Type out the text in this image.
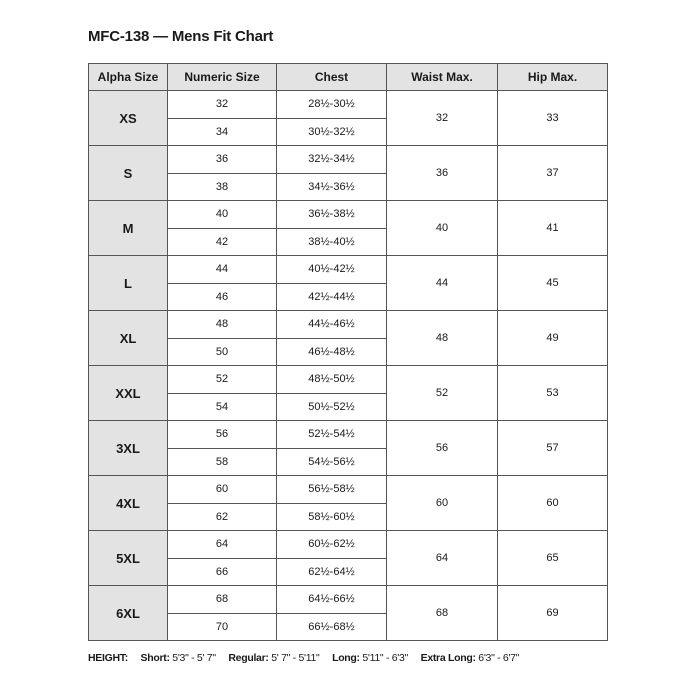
MFC-138 — Mens Fit Chart
Alpha Size	Numeric Size	Chest	Waist Max.	Hip Max.
XS	32	28½-30½	32	33
	34	30½-32½		
S	36	32½-34½	36	37
	38	34½-36½		
M	40	36½-38½	40	41
	42	38½-40½		
L	44	40½-42½	44	45
	46	42½-44½		
XL	48	44½-46½	48	49
	50	46½-48½		
XXL	52	48½-50½	52	53
	54	50½-52½		
3XL	56	52½-54½	56	57
	58	54½-56½		
4XL	60	56½-58½	60	60
	62	58½-60½		
5XL	64	60½-62½	64	65
	66	62½-64½		
6XL	68	64½-66½	68	69
	70	66½-68½		
HEIGHT: Short: 5'3" - 5' 7" Regular: 5' 7" - 5'11" Long: 5'11" - 6'3" Extra Long: 6'3" - 6'7"
